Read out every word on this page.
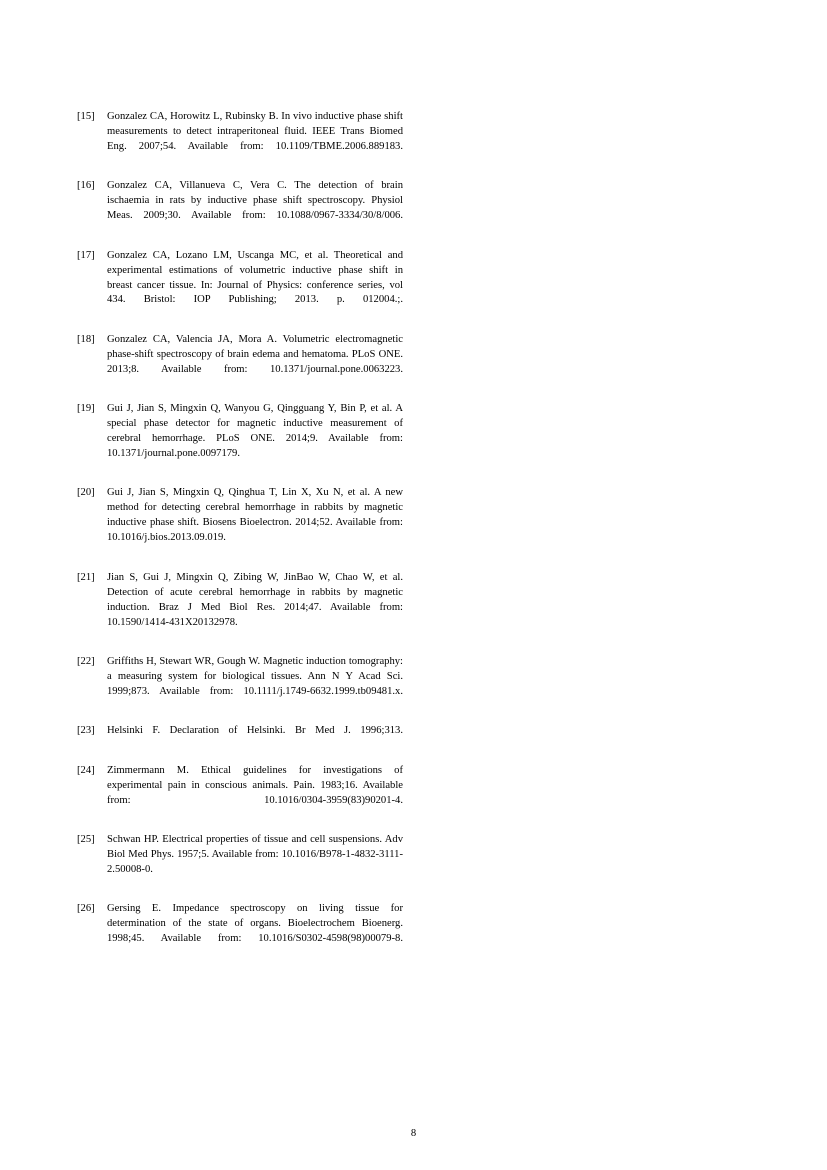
[15]	Gonzalez CA, Horowitz L, Rubinsky B. In vivo inductive phase shift measurements to detect intraperitoneal fluid. IEEE Trans Biomed Eng. 2007;54. Available from: 10.1109/TBME.2006.889183.
[16]	Gonzalez CA, Villanueva C, Vera C. The detection of brain ischaemia in rats by inductive phase shift spectroscopy. Physiol Meas. 2009;30. Available from: 10.1088/0967-3334/30/8/006.
[17]	Gonzalez CA, Lozano LM, Uscanga MC, et al. Theoretical and experimental estimations of volumetric inductive phase shift in breast cancer tissue. In: Journal of Physics: conference series, vol 434. Bristol: IOP Publishing; 2013. p. 012004.;.
[18]	Gonzalez CA, Valencia JA, Mora A. Volumetric electromagnetic phase-shift spectroscopy of brain edema and hematoma. PLoS ONE. 2013;8. Available from: 10.1371/journal.pone.0063223.
[19]	Gui J, Jian S, Mingxin Q, Wanyou G, Qingguang Y, Bin P, et al. A special phase detector for magnetic inductive measurement of cerebral hemorrhage. PLoS ONE. 2014;9. Available from: 10.1371/journal.pone.​0097179.
[20]	Gui J, Jian S, Mingxin Q, Qinghua T, Lin X, Xu N, et al. A new method for detecting cerebral hemorrhage in rabbits by magnetic inductive phase shift. Biosens Bioelectron. 2014;52. Available from: 10.​1016/j.bios.2013.09.019.
[21]	Jian S, Gui J, Mingxin Q, Zibing W, JinBao W, Chao W, et al. Detection of acute cerebral hemorrhage in rabbits by magnetic induction. Braz J Med Biol Res. 2014;47. Available from: 10.1590/1414-​431X20132978.
[22]	Griffiths H, Stewart WR, Gough W. Magnetic induction tomography: a measuring system for biological tissues. Ann N Y Acad Sci. 1999;873. Available from: 10.1111/j.1749-6632.1999.tb09481.x.
[23]	Helsinki F. Declaration of Helsinki. Br Med J. 1996;313.
[24]	Zimmermann M. Ethical guidelines for investigations of experimental pain in conscious animals. Pain. 1983;16. Available from: 10.1016/0304-3959(83)​90201-4.
[25]	Schwan HP. Electrical properties of tissue and cell suspensions. Adv Biol Med Phys. 1957;5. Available from: 10.1016/B978-1-4832-3111-2.50008-0.
[26]	Gersing E. Impedance spectroscopy on living tissue for determination of the state of organs. Bioelectrochem Bioenerg. 1998;45. Available from: 10.​1016/S0302-4598(98)00079-8.
8
